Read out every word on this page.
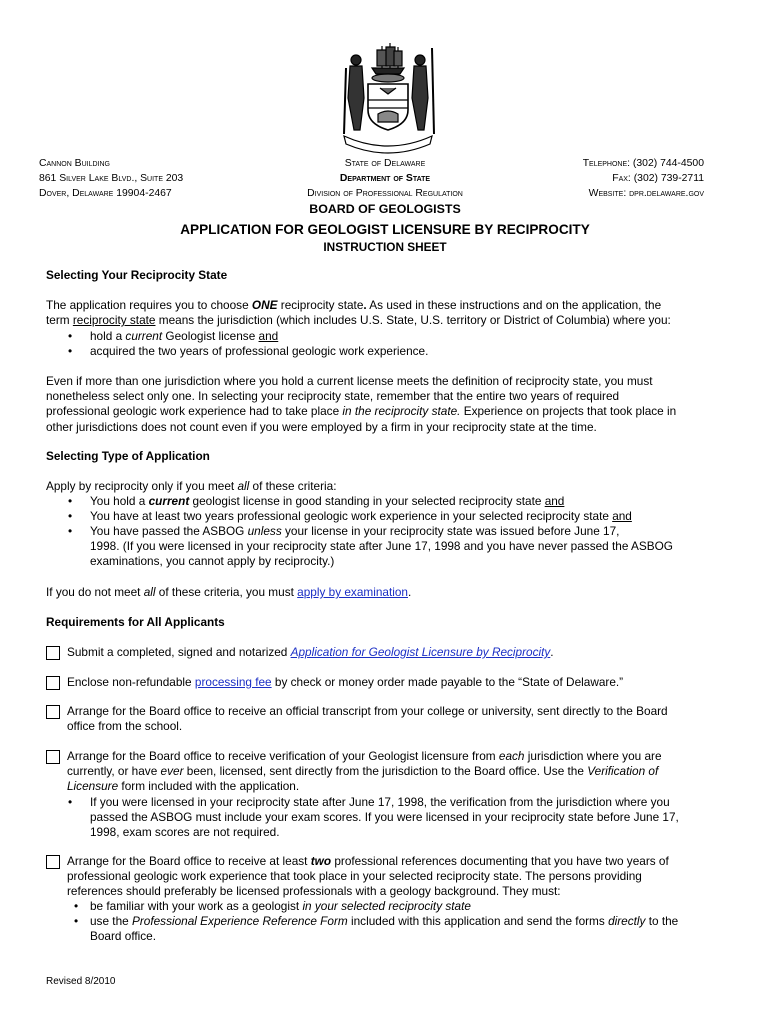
Cannon Building
861 Silver Lake Blvd., Suite 203
Dover, Delaware 19904-2467
State of Delaware
Department of State
Division of Professional Regulation
BOARD OF GEOLOGISTS
Telephone: (302) 744-4500
Fax: (302) 739-2711
Website: dpr.delaware.gov
APPLICATION FOR GEOLOGIST LICENSURE BY RECIPROCITY
INSTRUCTION SHEET
Selecting Your Reciprocity State
The application requires you to choose ONE reciprocity state. As used in these instructions and on the application, the
term reciprocity state means the jurisdiction (which includes U.S. State, U.S. territory or District of Columbia) where you:
• hold a current Geologist license and
• acquired the two years of professional geologic work experience.
Even if more than one jurisdiction where you hold a current license meets the definition of reciprocity state, you must
nonetheless select only one. In selecting your reciprocity state, remember that the entire two years of required
professional geologic work experience had to take place in the reciprocity state. Experience on projects that took place in
other jurisdictions does not count even if you were employed by a firm in your reciprocity state at the time.
Selecting Type of Application
Apply by reciprocity only if you meet all of these criteria:
• You hold a current geologist license in good standing in your selected reciprocity state and
• You have at least two years professional geologic work experience in your selected reciprocity state and
• You have passed the ASBOG unless your license in your reciprocity state was issued before June 17,
1998. (If you were licensed in your reciprocity state after June 17, 1998 and you have never passed the ASBOG
examinations, you cannot apply by reciprocity.)
If you do not meet all of these criteria, you must apply by examination.
Requirements for All Applicants
Submit a completed, signed and notarized Application for Geologist Licensure by Reciprocity.
Enclose non-refundable processing fee by check or money order made payable to the “State of Delaware.”
Arrange for the Board office to receive an official transcript from your college or university, sent directly to the Board
office from the school.
Arrange for the Board office to receive verification of your Geologist licensure from each jurisdiction where you are
currently, or have ever been, licensed, sent directly from the jurisdiction to the Board office. Use the Verification of
Licensure form included with the application.
• If you were licensed in your reciprocity state after June 17, 1998, the verification from the jurisdiction where you
passed the ASBOG must include your exam scores. If you were licensed in your reciprocity state before June 17,
1998, exam scores are not required.
Arrange for the Board office to receive at least two professional references documenting that you have two years of
professional geologic work experience that took place in your selected reciprocity state. The persons providing
references should preferably be licensed professionals with a geology background. They must:
• be familiar with your work as a geologist in your selected reciprocity state
• use the Professional Experience Reference Form included with this application and send the forms directly to the
Board office.
Revised 8/2010
